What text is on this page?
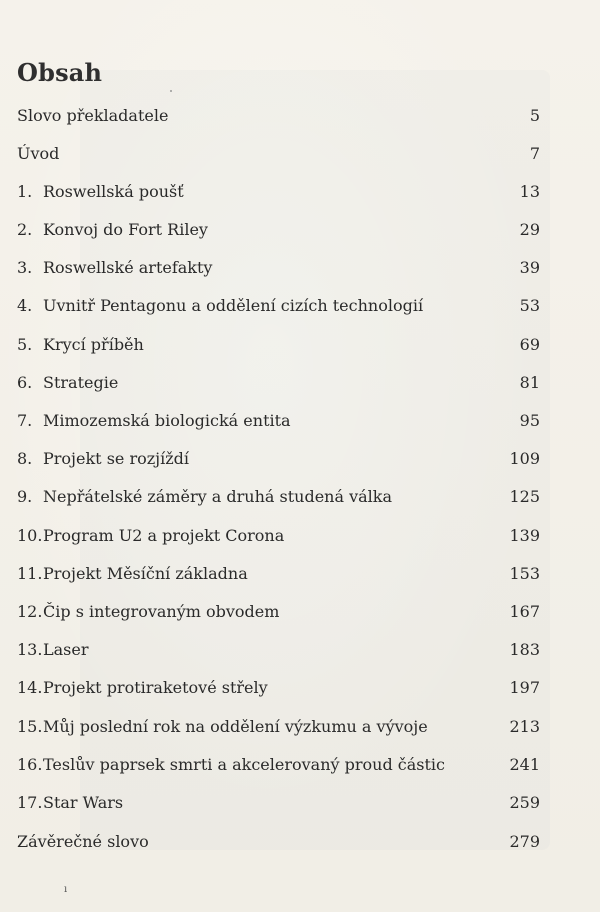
Obsah
Slovo překladatele	5
Úvod	7
1. Roswellská poušť	13
2. Konvoj do Fort Riley	29
3. Roswellské artefakty	39
4. Uvnitř Pentagonu a oddělení cizích technologií	53
5. Krycí příběh	69
6. Strategie	81
7. Mimozemská biologická entita	95
8. Projekt se rozjíždí	109
9. Nepřátelské záměry a druhá studená válka	125
10. Program U2 a projekt Corona	139
11. Projekt Měsíční základna	153
12. Čip s integrovaným obvodem	167
13. Laser	183
14. Projekt protiraketové střely	197
15. Můj poslední rok na oddělení výzkumu a vývoje	213
16. Teslův paprsek smrti a akcelerovaný proud částic	241
17. Star Wars	259
Závěrečné slovo	279
ı
